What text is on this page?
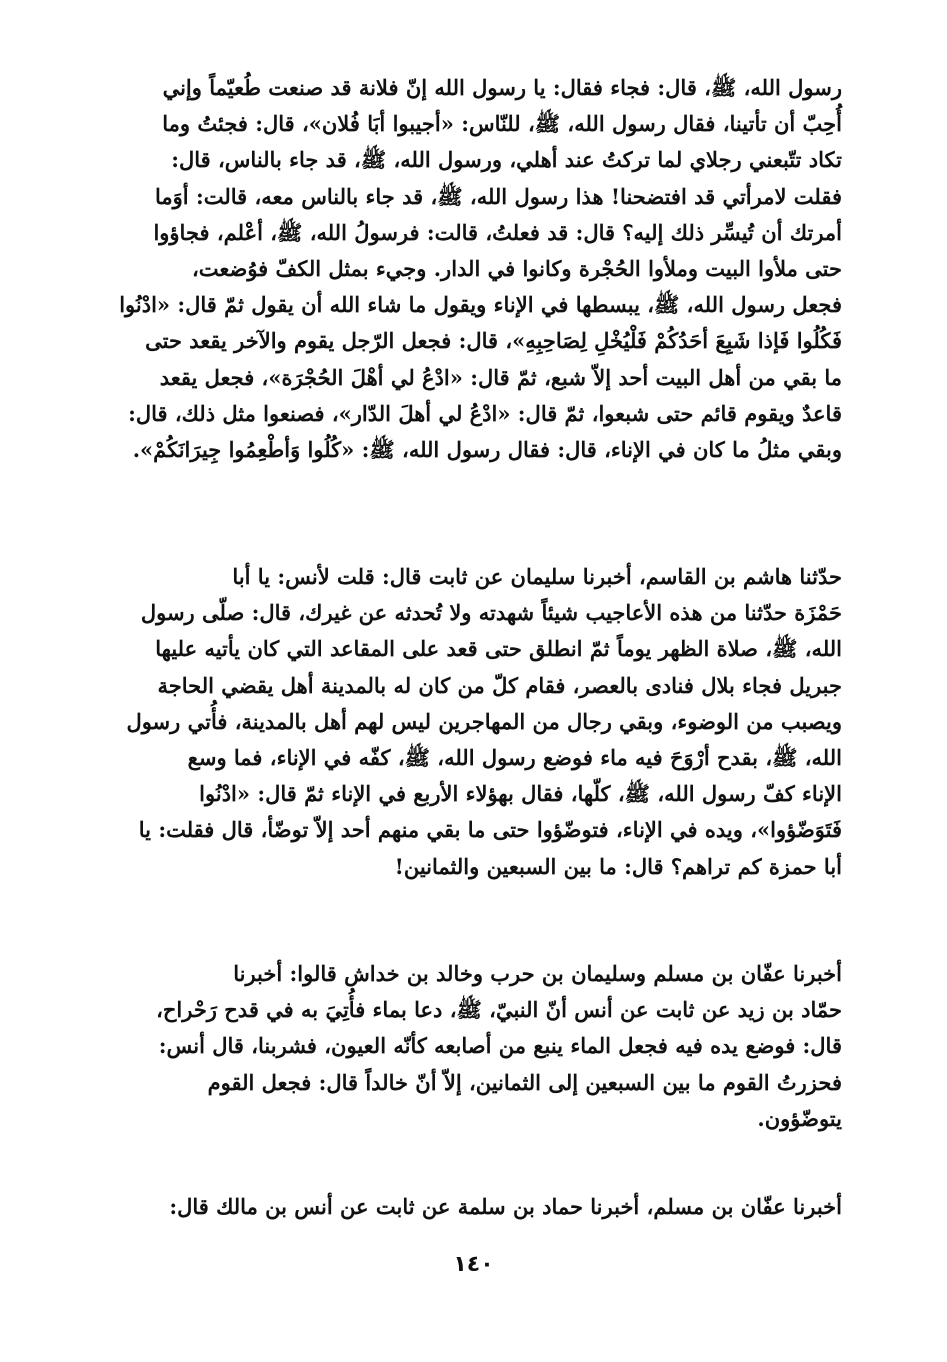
رسول الله، ﷺ، قال: فجاء فقال: يا رسول الله إنّ فلانة قد صنعت طُعيّماً وإني
أُحِبّ أن تأتينا، فقال رسول الله، ﷺ، للنّاس: «أجيبوا أبَا فُلان»، قال: فجئتُ وما
تكاد تتّبعني رجلاي لما تركتُ عند أهلي، ورسول الله، ﷺ، قد جاء بالناس، قال:
فقلت لامرأتي قد افتضحنا! هذا رسول الله، ﷺ، قد جاء بالناس معه، قالت: أوَما
أمرتك أن تُيسِّر ذلك إليه؟ قال: قد فعلتُ، قالت: فرسولُ الله، ﷺ، أعْلم، فجاؤوا
حتى ملأوا البيت وملأوا الحُجْرة وكانوا في الدار. وجيء بمثل الكفّ فوُضعت،
فجعل رسول الله، ﷺ، يبسطها في الإناء ويقول ما شاء الله أن يقول ثمّ قال: «ادْنُوا
فَكُلُوا فَإذا شَبِعَ أحَدُكُمْ فَلْيُخْلِ لِصَاحِبِهِ»، قال: فجعل الرّجل يقوم والآخر يقعد حتى
ما بقي من أهل البيت أحد إلاّ شبع، ثمّ قال: «ادْعُ لي أهْلَ الحُجْرَة»، فجعل يقعد
قاعدٌ ويقوم قائم حتى شبعوا، ثمّ قال: «ادْعُ لي أهلَ الدّار»، فصنعوا مثل ذلك، قال:
وبقي مثلُ ما كان في الإناء، قال: فقال رسول الله، ﷺ: «كُلُوا وَأطْعِمُوا جِيرَانَكُمْ».
حدّثنا هاشم بن القاسم، أخبرنا سليمان عن ثابت قال: قلت لأنس: يا أبا
حَمْزَة حدّثنا من هذه الأعاجيب شيئاً شهدته ولا تُحدثه عن غيرك، قال: صلّى رسول
الله، ﷺ، صلاة الظهر يوماً ثمّ انطلق حتى قعد على المقاعد التي كان يأتيه عليها
جبريل فجاء بلال فنادى بالعصر، فقام كلّ من كان له بالمدينة أهل يقضي الحاجة
ويصبب من الوضوء، وبقي رجال من المهاجرين ليس لهم أهل بالمدينة، فأُتي رسول
الله، ﷺ، بقدح أرْوَحَ فيه ماء فوضع رسول الله، ﷺ، كفّه في الإناء، فما وسع
الإناء كفّ رسول الله، ﷺ، كلّها، فقال بهؤلاء الأربع في الإناء ثمّ قال: «ادْنُوا
فَتَوَضّؤوا»، ويده في الإناء، فتوضّؤوا حتى ما بقي منهم أحد إلاّ توضّأ، قال فقلت: يا
أبا حمزة كم تراهم؟ قال: ما بين السبعين والثمانين!
أخبرنا عفّان بن مسلم وسليمان بن حرب وخالد بن خداش قالوا: أخبرنا
حمّاد بن زيد عن ثابت عن أنس أنّ النبيّ، ﷺ، دعا بماء فأُتِيَ به في قدح رَحْراح،
قال: فوضع يده فيه فجعل الماء ينبع من أصابعه كأنّه العيون، فشربنا، قال أنس:
فحزرتُ القوم ما بين السبعين إلى الثمانين، إلاّ أنّ خالداً قال: فجعل القوم
يتوضّؤون.
أخبرنا عفّان بن مسلم، أخبرنا حماد بن سلمة عن ثابت عن أنس بن مالك قال:
١٤٠
